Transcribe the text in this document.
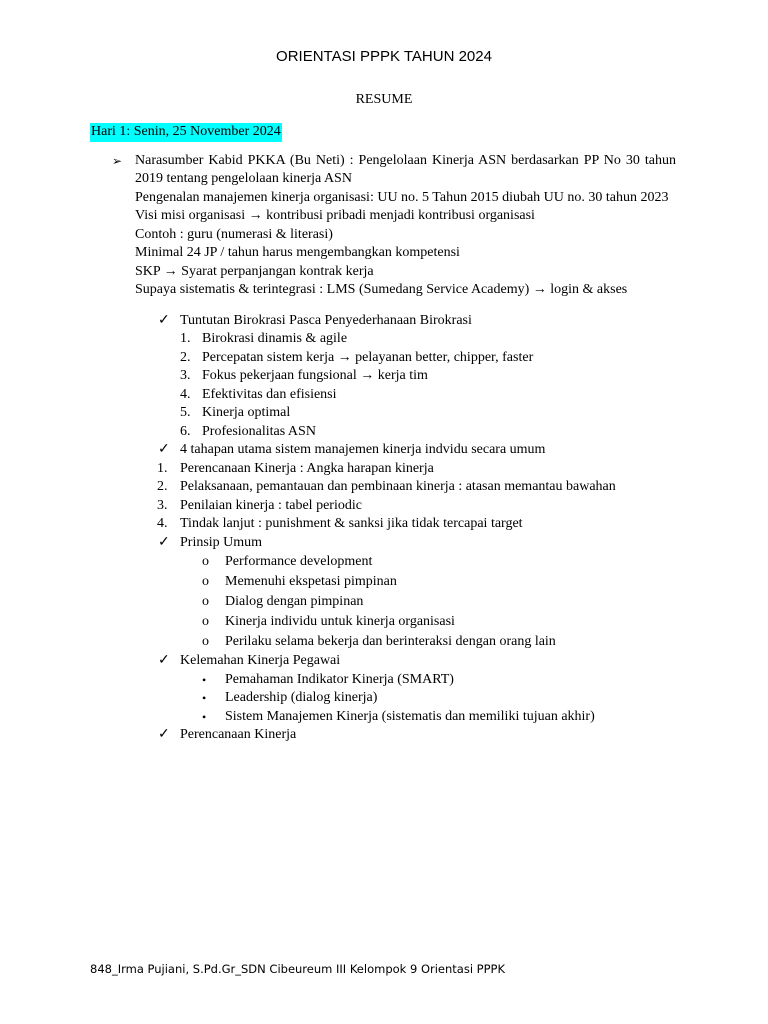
ORIENTASI PPPK TAHUN 2024
RESUME
Hari 1: Senin, 25 November 2024
➢ Narasumber Kabid PKKA (Bu Neti) : Pengelolaan Kinerja ASN berdasarkan PP No 30 tahun 2019 tentang pengelolaan kinerja ASN
Pengenalan manajemen kinerja organisasi: UU no. 5 Tahun 2015 diubah UU no. 30 tahun 2023
Visi misi organisasi → kontribusi pribadi menjadi kontribusi organisasi
Contoh : guru (numerasi & literasi)
Minimal 24 JP / tahun harus mengembangkan kompetensi
SKP → Syarat perpanjangan kontrak kerja
Supaya sistematis & terintegrasi : LMS (Sumedang Service Academy) → login & akses
✓ Tuntutan Birokrasi Pasca Penyederhanaan Birokrasi
1. Birokrasi dinamis & agile
2. Percepatan sistem kerja → pelayanan better, chipper, faster
3. Fokus pekerjaan fungsional → kerja tim
4. Efektivitas dan efisiensi
5. Kinerja optimal
6. Profesionalitas ASN
✓ 4 tahapan utama sistem manajemen kinerja indvidu secara umum
1. Perencanaan Kinerja : Angka harapan kinerja
2. Pelaksanaan, pemantauan dan pembinaan kinerja : atasan memantau bawahan
3. Penilaian kinerja : tabel periodic
4. Tindak lanjut : punishment & sanksi jika tidak tercapai target
✓ Prinsip Umum
o Performance development
o Memenuhi ekspetasi pimpinan
o Dialog dengan pimpinan
o Kinerja individu untuk kinerja organisasi
o Perilaku selama bekerja dan berinteraksi dengan orang lain
✓ Kelemahan Kinerja Pegawai
• Pemahaman Indikator Kinerja (SMART)
• Leadership (dialog kinerja)
• Sistem Manajemen Kinerja (sistematis dan memiliki tujuan akhir)
✓ Perencanaan Kinerja
848_Irma Pujiani, S.Pd.Gr_SDN Cibeureum III Kelompok 9 Orientasi PPPK
